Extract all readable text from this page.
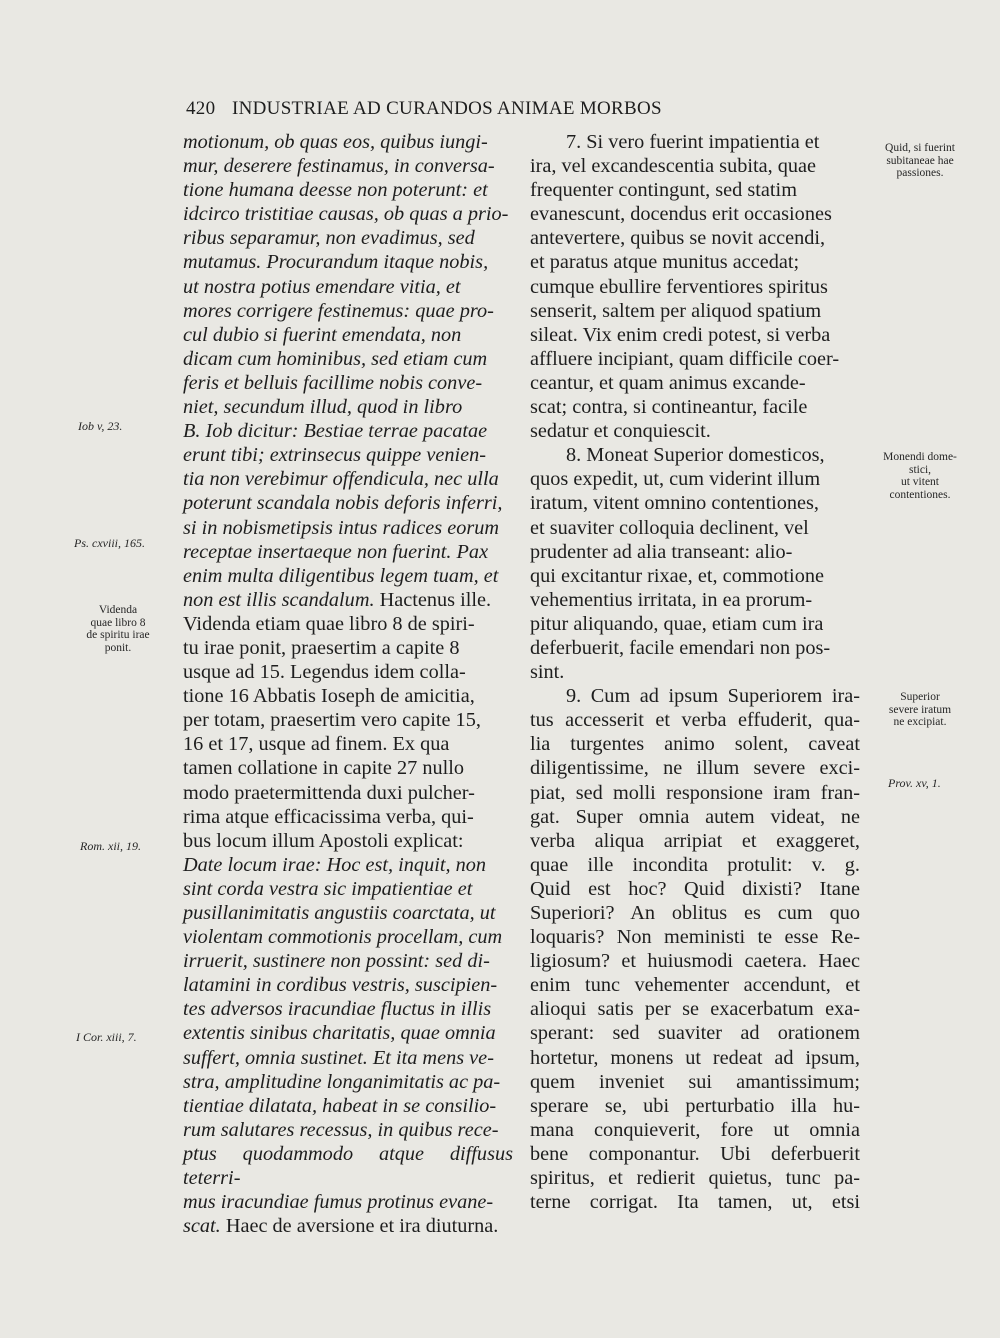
420 INDUSTRIAE AD CURANDOS ANIMAE MORBOS

motionum, ob quas eos, quibus iungi-
mur, deserere festinamus, in conversa-
tione humana deesse non poterunt: et
idcirco tristitiae causas, ob quas a prio-
ribus separamur, non evadimus, sed
mutamus. Procurandum itaque nobis,
ut nostra potius emendare vitia, et
mores corrigere festinemus: quae pro-
cul dubio si fuerint emendata, non
dicam cum hominibus, sed etiam cum
feris et belluis facillime nobis conve-
niet, secundum illud, quod in libro
B. Iob dicitur: Bestiae terrae pacatae
erunt tibi; extrinsecus quippe venien-
tia non verebimur offendicula, nec ulla
poterunt scandala nobis deforis inferri,
si in nobismetipsis intus radices eorum
receptae insertaeque non fuerint. Pax
enim multa diligentibus legem tuam, et
non est illis scandalum. Hactenus ille.
Videnda etiam quae libro 8 de spiri-
tu irae ponit, praesertim a capite 8
usque ad 15. Legendus idem colla-
tione 16 Abbatis Ioseph de amicitia,
per totam, praesertim vero capite 15,
16 et 17, usque ad finem. Ex qua
tamen collatione in capite 27 nullo
modo praetermittenda duxi pulcher-
rima atque efficacissima verba, qui-
bus locum illum Apostoli explicat:
Date locum irae: Hoc est, inquit, non
sint corda vestra sic impatientiae et
pusillanimitatis angustiis coarctata, ut
violentam commotionis procellam, cum
irruerit, sustinere non possint: sed di-
latamini in cordibus vestris, suscipien-
tes adversos iracundiae fluctus in illis
extentis sinibus charitatis, quae omnia
suffert, omnia sustinet. Et ita mens ve-
stra, amplitudine longanimitatis ac pa-
tientiae dilatata, habeat in se consilio-
rum salutares recessus, in quibus rece-
ptus quodammodo atque diffusus teterri-
mus iracundiae fumus protinus evane-
scat. Haec de aversione et ira diuturna.

7. Si vero fuerint impatientia et
ira, vel excandescentia subita, quae
frequenter contingunt, sed statim
evanescunt, docendus erit occasiones
antevertere, quibus se novit accendi,
et paratus atque munitus accedat;
cumque ebullire ferventiores spiritus
senserit, saltem per aliquod spatium
sileat. Vix enim credi potest, si verba
affluere incipiant, quam difficile coer-
ceantur, et quam animus excande-
scat; contra, si contineantur, facile
sedatur et conquiescit.

8. Moneat Superior domesticos,
quos expedit, ut, cum viderint illum
iratum, vitent omnino contentiones,
et suaviter colloquia declinent, vel
prudenter ad alia transeant: alio-
qui excitantur rixae, et, commotione
vehementius irritata, in ea prorum-
pitur aliquando, quae, etiam cum ira
deferbuerit, facile emendari non pos-
sint.

9. Cum ad ipsum Superiorem ira-
tus accesserit et verba effuderit, qua-
lia turgentes animo solent, caveat
diligentissime, ne illum severe exci-
piat, sed molli responsione iram fran-
gat. Super omnia autem videat, ne
verba aliqua arripiat et exaggeret,
quae ille incondita protulit: v. g.
Quid est hoc? Quid dixisti? Itane
Superiori? An oblitus es cum quo
loquaris? Non meministi te esse Re-
ligiosum? et huiusmodi caetera. Haec
enim tunc vehementer accendunt, et
alioqui satis per se exacerbatum exa-
sperant: sed suaviter ad orationem
hortetur, monens ut redeat ad ipsum,
quem inveniet sui amantissimum;
sperare se, ubi perturbatio illa hu-
mana conquieverit, fore ut omnia
bene componantur. Ubi deferbuerit
spiritus, et redierit quietus, tunc pa-
terne corrigat. Ita tamen, ut, etsi

Iob v, 23.
Ps. cxviii, 165.
Videnda
quae libro 8
de spiritu irae
ponit.
Rom. xii, 19.
I Cor. xiii, 7.
Quid, si fuerint
subitaneae hae
passiones.
Monendi dome-
stici,
ut vitent
contentiones.
Superior
severe iratum
ne excipiat.
Prov. xv, 1.
